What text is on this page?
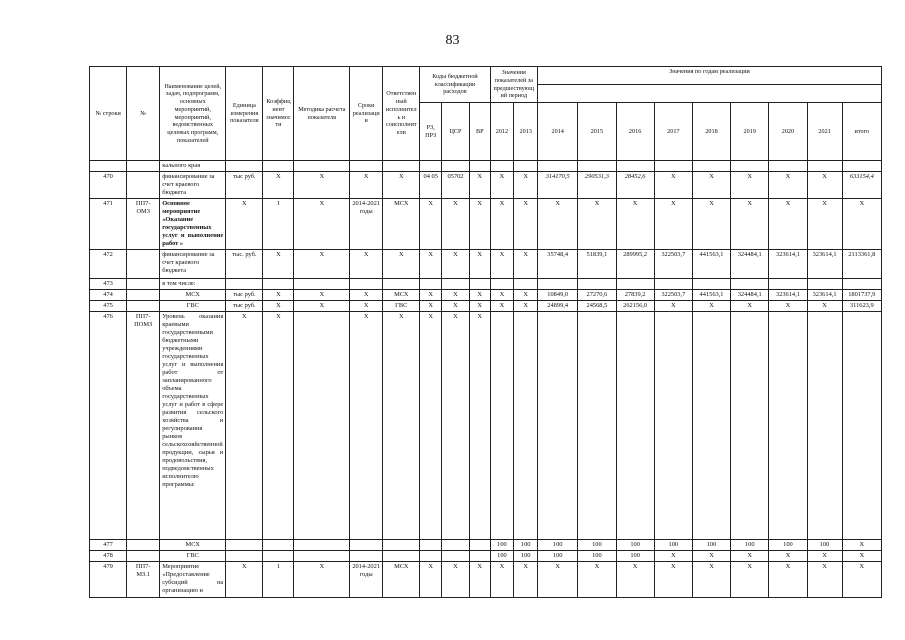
83
№ строки	№	Наименование целей, задач, подпрограмм, основных мероприятий, мероприятий, ведомственных целевых программ, показателей	Единица измерения показателя	Коэффициент значимости	Методика расчета показателя	Сроки реализации	Ответственный исполнитель и соисполнители	Коды бюджетной классификации расходов			Значения показателей за предшествующий период		Значения по годам реализации								

								РЗ, ПРЗ	ЦСР	ВР	2012	2013	2014	2015	2016	2017	2018	2019	2020	2021	итого
		кального края																			
470		финансирование за счет краевого бюджета	тыс руб.	X	X	X	X	04 05	05702	X	X	X	314170,5	290531,3	28452,6	X	X	X	X	X	633154,4
471	ПП7-ОМЗ	Основное мероприятие «Оказание государственных услуг и выполнение работ »	X	1	X	2014-2021 годы	МСХ	X	X	X	X	X	X	X	X	X	X	X	X	X	X
472		финансирование за счет краевого бюджета	тыс. руб.	X	X	X	X	X	X	X	X	X	35748,4	51839,1	289995,2	322503,7	441563,1	324484,1	323614,1	323614,1	2113361,8
473		в том числе:																			
474		МСХ	тыс руб.	X	X	X	МСХ	X	X	X	X	X	10849,0	27270,6	27839,2	322503,7	441563,1	324484,1	323614,1	323614,1	1801737,9
475		ГВС	тыс руб.	X	X	X	ГВС	X	X	X	X	X	24899,4	24568,5	262156,0	X	X	X	X	X	311623,9
476	ПП7-ПОМЗ	Уровень оказания краевыми государственными бюджетными учреждениями государственных услуг и выполнения работ от запланированного объема государственных услуг и работ в сфере развития сельского хозяйства и регулирования рынков сельскохозяйственной продукции, сырья и продовольствия, подведомственных исполнителю программы:	X	X		X	X	X	X	X											
477		МСХ									100	100	100	100	100	100	100	100	100	100	X
478		ГВС									100	100	100	100	100	X	X	X	X	X	X
479	ПП7-МЗ.1	Мероприятие «Предоставление субсидий на организацию и	X	1	X	2014-2021 годы	МСХ	X	X	X	X	X	X	X	X	X	X	X	X	X	X
